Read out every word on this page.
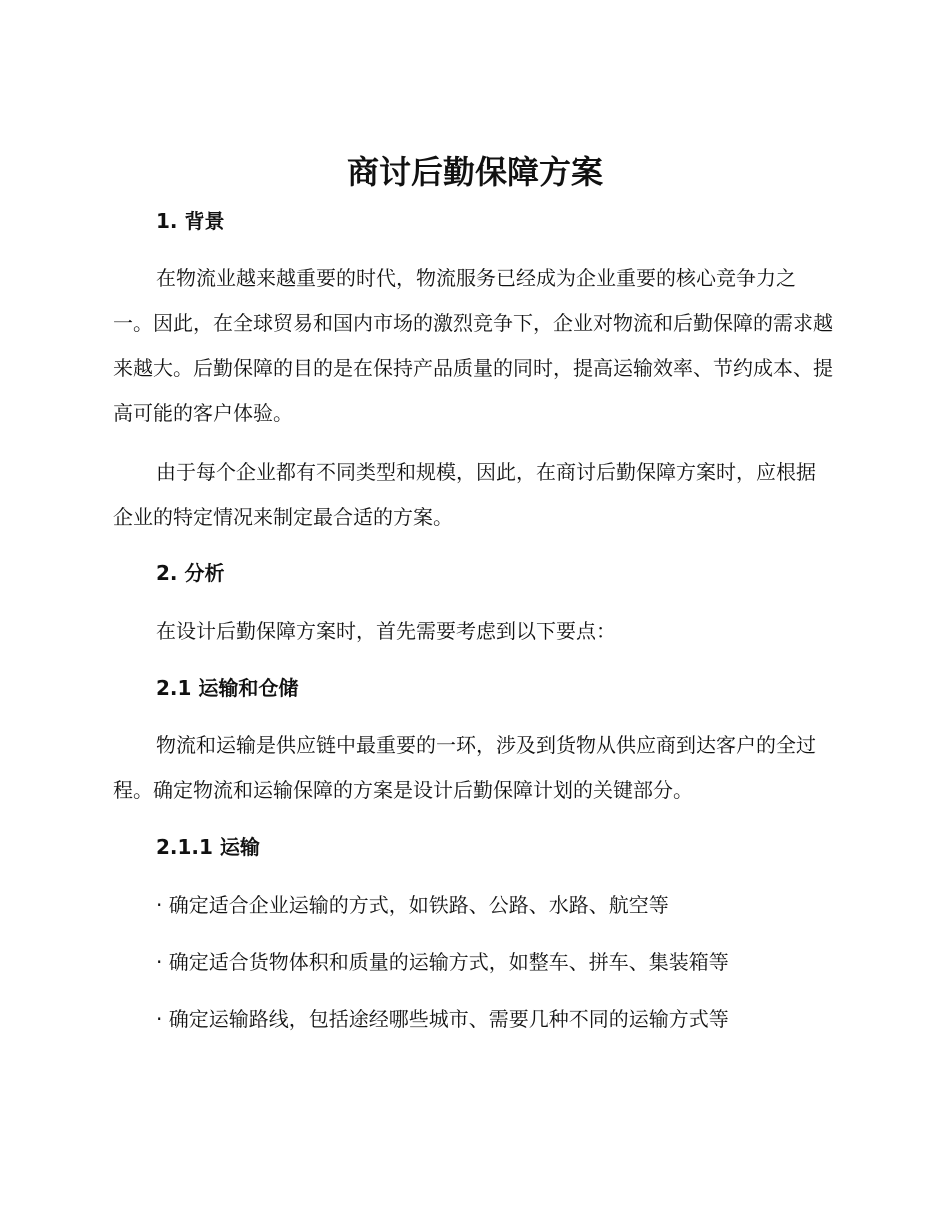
商讨后勤保障方案
1. 背景

在物流业越来越重要的时代，物流服务已经成为企业重要的核心竞争力之一。因此，在全球贸易和国内市场的激烈竞争下，企业对物流和后勤保障的需求越来越大。后勤保障的目的是在保持产品质量的同时，提高运输效率、节约成本、提高可能的客户体验。

由于每个企业都有不同类型和规模，因此，在商讨后勤保障方案时，应根据企业的特定情况来制定最合适的方案。

2. 分析

在设计后勤保障方案时，首先需要考虑到以下要点：

2.1 运输和仓储

物流和运输是供应链中最重要的一环，涉及到货物从供应商到达客户的全过程。确定物流和运输保障的方案是设计后勤保障计划的关键部分。

2.1.1 运输

· 确定适合企业运输的方式，如铁路、公路、水路、航空等

· 确定适合货物体积和质量的运输方式，如整车、拼车、集装箱等

· 确定运输路线，包括途经哪些城市、需要几种不同的运输方式等
